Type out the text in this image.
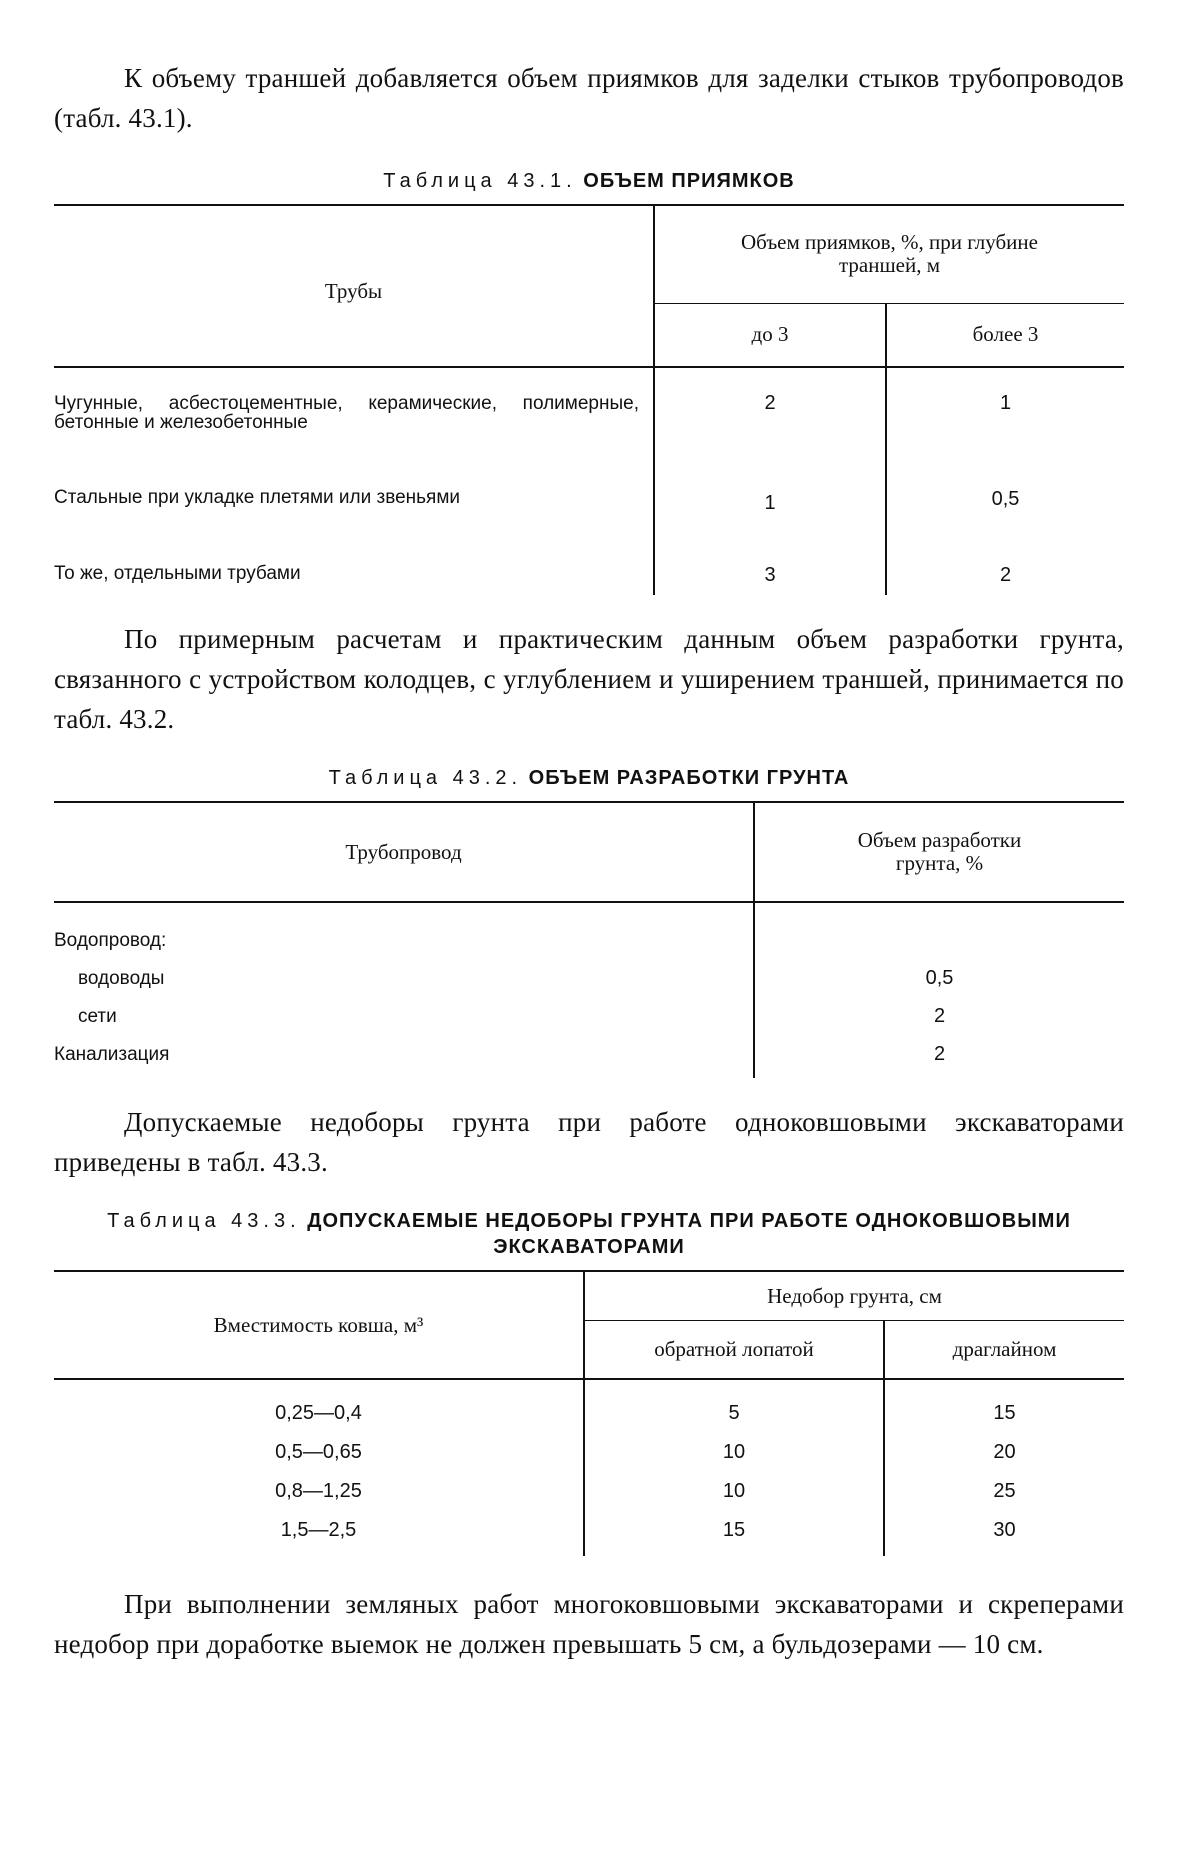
К объему траншей добавляется объем приямков для заделки стыков трубопроводов (табл. 43.1).

Таблица 43.1. ОБЪЕМ ПРИЯМКОВ

Трубы	Объем приямков, %, при глубине траншей, м	
	до 3	более 3
Чугунные, асбестоцементные, керамические, полимерные, бетонные и железобетонные	2	1
Стальные при укладке плетями или звеньями	1	0,5
То же, отдельными трубами	3	2

По примерным расчетам и практическим данным объем разработки грунта, связанного с устройством колодцев, с углублением и уширением траншей, принимается по табл. 43.2.

Таблица 43.2. ОБЪЕМ РАЗРАБОТКИ ГРУНТА

Трубопровод	Объем разработки грунта, %
Водопровод:	
водоводы	0,5
сети	2
Канализация	2

Допускаемые недоборы грунта при работе одноковшовыми экскаваторами приведены в табл. 43.3.

Таблица 43.3. ДОПУСКАЕМЫЕ НЕДОБОРЫ ГРУНТА ПРИ РАБОТЕ ОДНОКОВШОВЫМИ ЭКСКАВАТОРАМИ

Вместимость ковша, м³	Недобор грунта, см	
	обратной лопатой	драглайном
0,25—0,4	5	15
0,5—0,65	10	20
0,8—1,25	10	25
1,5—2,5	15	30

При выполнении земляных работ многоковшовыми экскаваторами и скреперами недобор при доработке выемок не должен превышать 5 см, а бульдозерами — 10 см.
